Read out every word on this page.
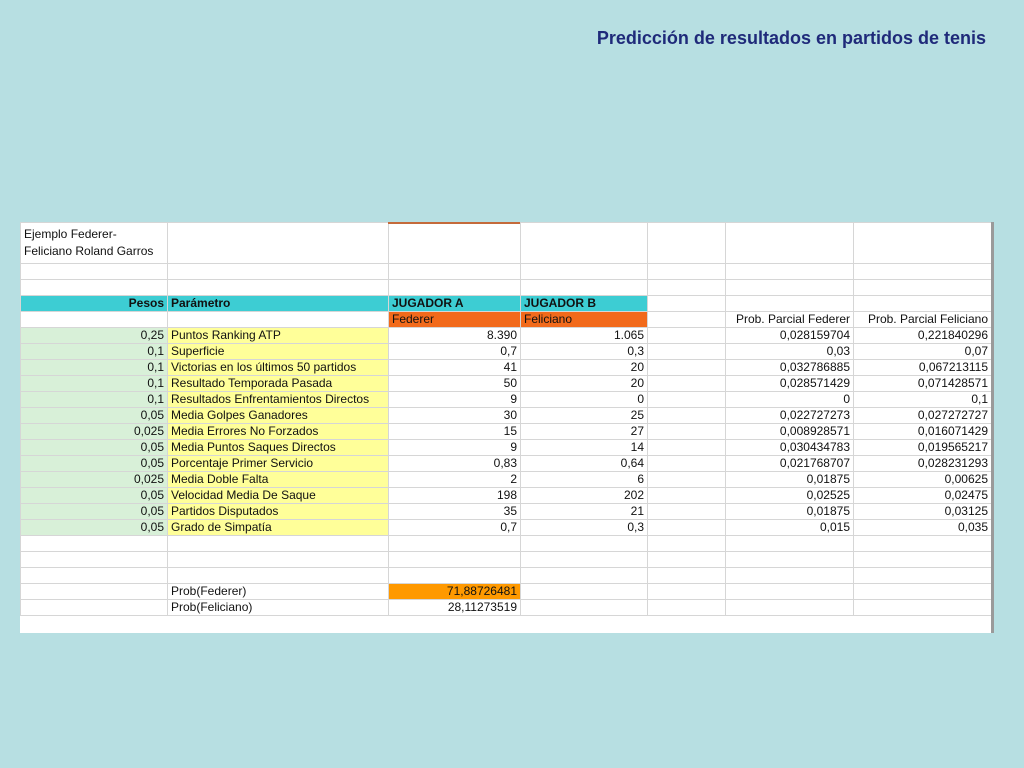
Predicción de resultados en partidos de tenis
Ejemplo Federer-Feliciano Roland Garros						

Pesos	Parámetro	JUGADOR A	JUGADOR B			
		Federer	Feliciano		Prob. Parcial Federer	Prob. Parcial Feliciano
0,25	Puntos Ranking ATP	8.390	1.065		0,028159704	0,221840296
0,1	Superficie	0,7	0,3		0,03	0,07
0,1	Victorias en los últimos 50 partidos	41	20		0,032786885	0,067213115
0,1	Resultado Temporada Pasada	50	20		0,028571429	0,071428571
0,1	Resultados Enfrentamientos Directos	9	0		0	0,1
0,05	Media Golpes Ganadores	30	25		0,022727273	0,027272727
0,025	Media Errores No Forzados	15	27		0,008928571	0,016071429
0,05	Media Puntos Saques Directos	9	14		0,030434783	0,019565217
0,05	Porcentaje Primer Servicio	0,83	0,64		0,021768707	0,028231293
0,025	Media Doble Falta	2	6		0,01875	0,00625
0,05	Velocidad Media De Saque	198	202		0,02525	0,02475
0,05	Partidos Disputados	35	21		0,01875	0,03125
0,05	Grado de Simpatía	0,7	0,3		0,015	0,035

	Prob(Federer)	71,88726481				
	Prob(Feliciano)	28,11273519				
